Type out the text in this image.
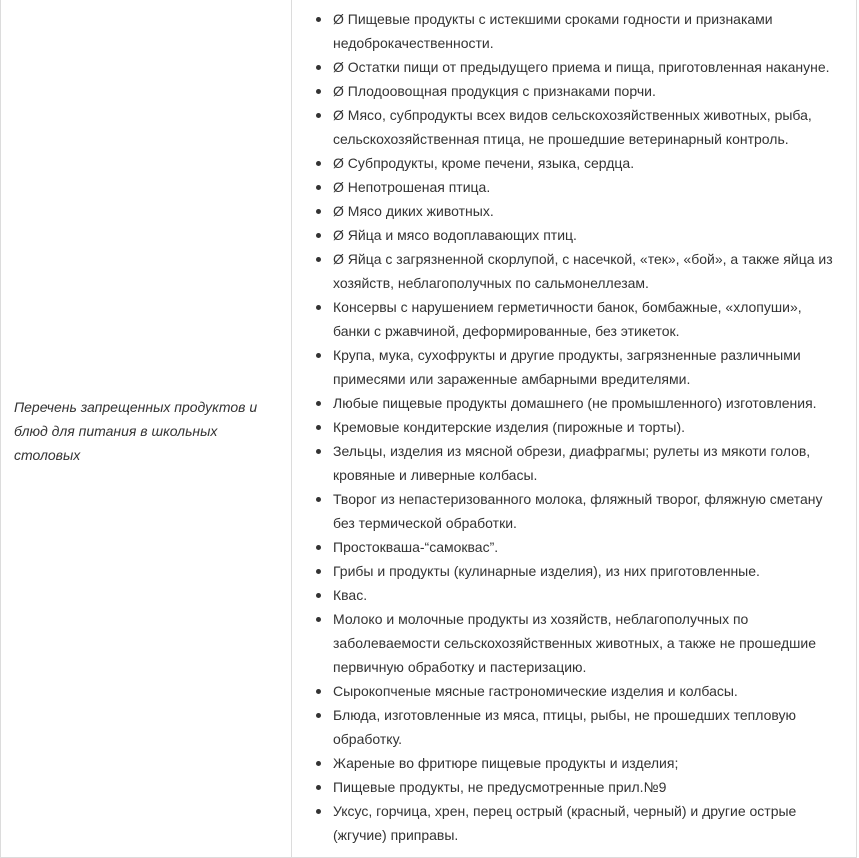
Перечень запрещенных продуктов и блюд для питания в школьных столовых

Ø Пищевые продукты с истекшими сроками годности и признаками недоброкачественности.
Ø Остатки пищи от предыдущего приема и пища, приготовленная накануне.
Ø Плодоовощная продукция с признаками порчи.
Ø Мясо, субпродукты всех видов сельскохозяйственных животных, рыба, сельскохозяйственная птица, не прошедшие ветеринарный контроль.
Ø Субпродукты, кроме печени, языка, сердца.
Ø Непотрошеная птица.
Ø Мясо диких животных.
Ø Яйца и мясо водоплавающих птиц.
Ø Яйца с загрязненной скорлупой, с насечкой, «тек», «бой», а также яйца из хозяйств, неблагополучных по сальмонеллезам.
Консервы с нарушением герметичности банок, бомбажные, «хлопуши», банки с ржавчиной, деформированные, без этикеток.
Крупа, мука, сухофрукты и другие продукты, загрязненные различными примесями или зараженные амбарными вредителями.
Любые пищевые продукты домашнего (не промышленного) изготовления.
Кремовые кондитерские изделия (пирожные и торты).
Зельцы, изделия из мясной обрези, диафрагмы; рулеты из мякоти голов, кровяные и ливерные колбасы.
Творог из непастеризованного молока, фляжный творог, фляжную сметану без термической обработки.
Простокваша-“самоквас”.
Грибы и продукты (кулинарные изделия), из них приготовленные.
Квас.
Молоко и молочные продукты из хозяйств, неблагополучных по заболеваемости сельскохозяйственных животных, а также не прошедшие первичную обработку и пастеризацию.
Сырокопченые мясные гастрономические изделия и колбасы.
Блюда, изготовленные из мяса, птицы, рыбы, не прошедших тепловую обработку.
Жареные во фритюре пищевые продукты и изделия;
Пищевые продукты, не предусмотренные прил.№9
Уксус, горчица, хрен, перец острый (красный, черный) и другие острые (жгучие) приправы.
